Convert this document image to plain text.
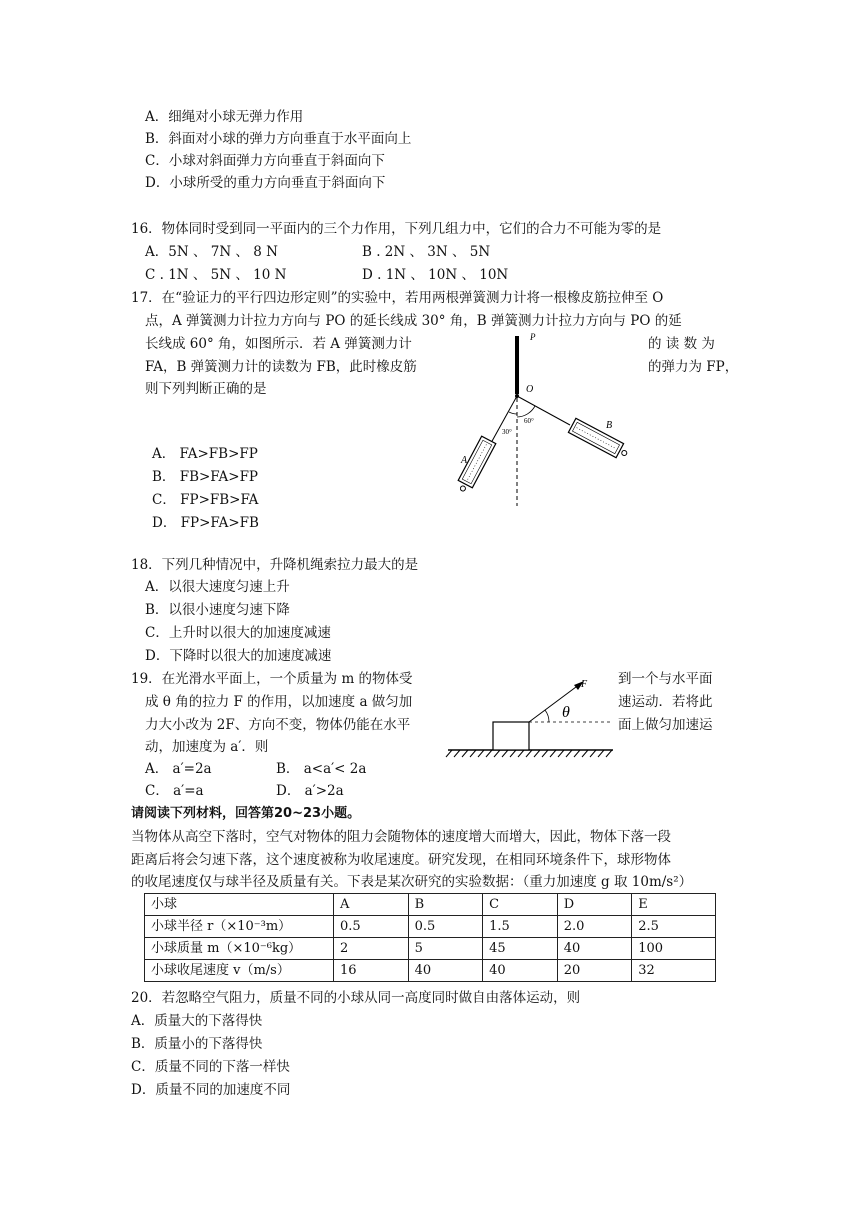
A．细绳对小球无弹力作用
B．斜面对小球的弹力方向垂直于水平面向上
C．小球对斜面弹力方向垂直于斜面向下
D．小球所受的重力方向垂直于斜面向下
16．物体同时受到同一平面内的三个力作用，下列几组力中，它们的合力不可能为零的是
A．5N 、 7N 、 8 N	B . 2N 、 3N 、 5N
C . 1N 、 5N 、 10 N	D . 1N 、 10N 、 10N
17．在“验证力的平行四边形定则”的实验中，若用两根弹簧测力计将一根橡皮筋拉伸至 O
点，A 弹簧测力计拉力方向与 PO 的延长线成 30° 角，B 弹簧测力计拉力方向与 PO 的延
长线成 60° 角，如图所示．若 A 弹簧测力计	的 读 数 为
FA，B 弹簧测力计的读数为 FB，此时橡皮筋	的弹力为 FP，
则下列判断正确的是
A． FA>FB>FP
B． FB>FA>FP
C． FP>FB>FA
D． FP>FA>FB
P
O
A
B
30°
60°
18．下列几种情况中，升降机绳索拉力最大的是
A．以很大速度匀速上升
B．以很小速度匀速下降
C．上升时以很大的加速度减速
D．下降时以很大的加速度减速
19．在光滑水平面上，一个质量为 m 的物体受	到一个与水平面
成 θ 角的拉力 F 的作用，以加速度 a 做匀加	速运动．若将此
力大小改为 2F、方向不变，物体仍能在水平	面上做匀加速运
动，加速度为 a′．则
A． a′=2a	B． a<a′< 2a
C． a′=a	D． a′>2a
F
θ
请阅读下列材料，回答第20~23小题。
当物体从高空下落时，空气对物体的阻力会随物体的速度增大而增大，因此，物体下落一段
距离后将会匀速下落，这个速度被称为收尾速度。研究发现，在相同环境条件下，球形物体
的收尾速度仅与球半径及质量有关。下表是某次研究的实验数据：（重力加速度 g 取 10m/s²）
小球	A	B	C	D	E
小球半径 r（×10⁻³m）	0.5	0.5	1.5	2.0	2.5
小球质量 m（×10⁻⁶kg）	2	5	45	40	100
小球收尾速度 v（m/s）	16	40	40	20	32
20．若忽略空气阻力，质量不同的小球从同一高度同时做自由落体运动，则
A．质量大的下落得快
B．质量小的下落得快
C．质量不同的下落一样快
D．质量不同的加速度不同
